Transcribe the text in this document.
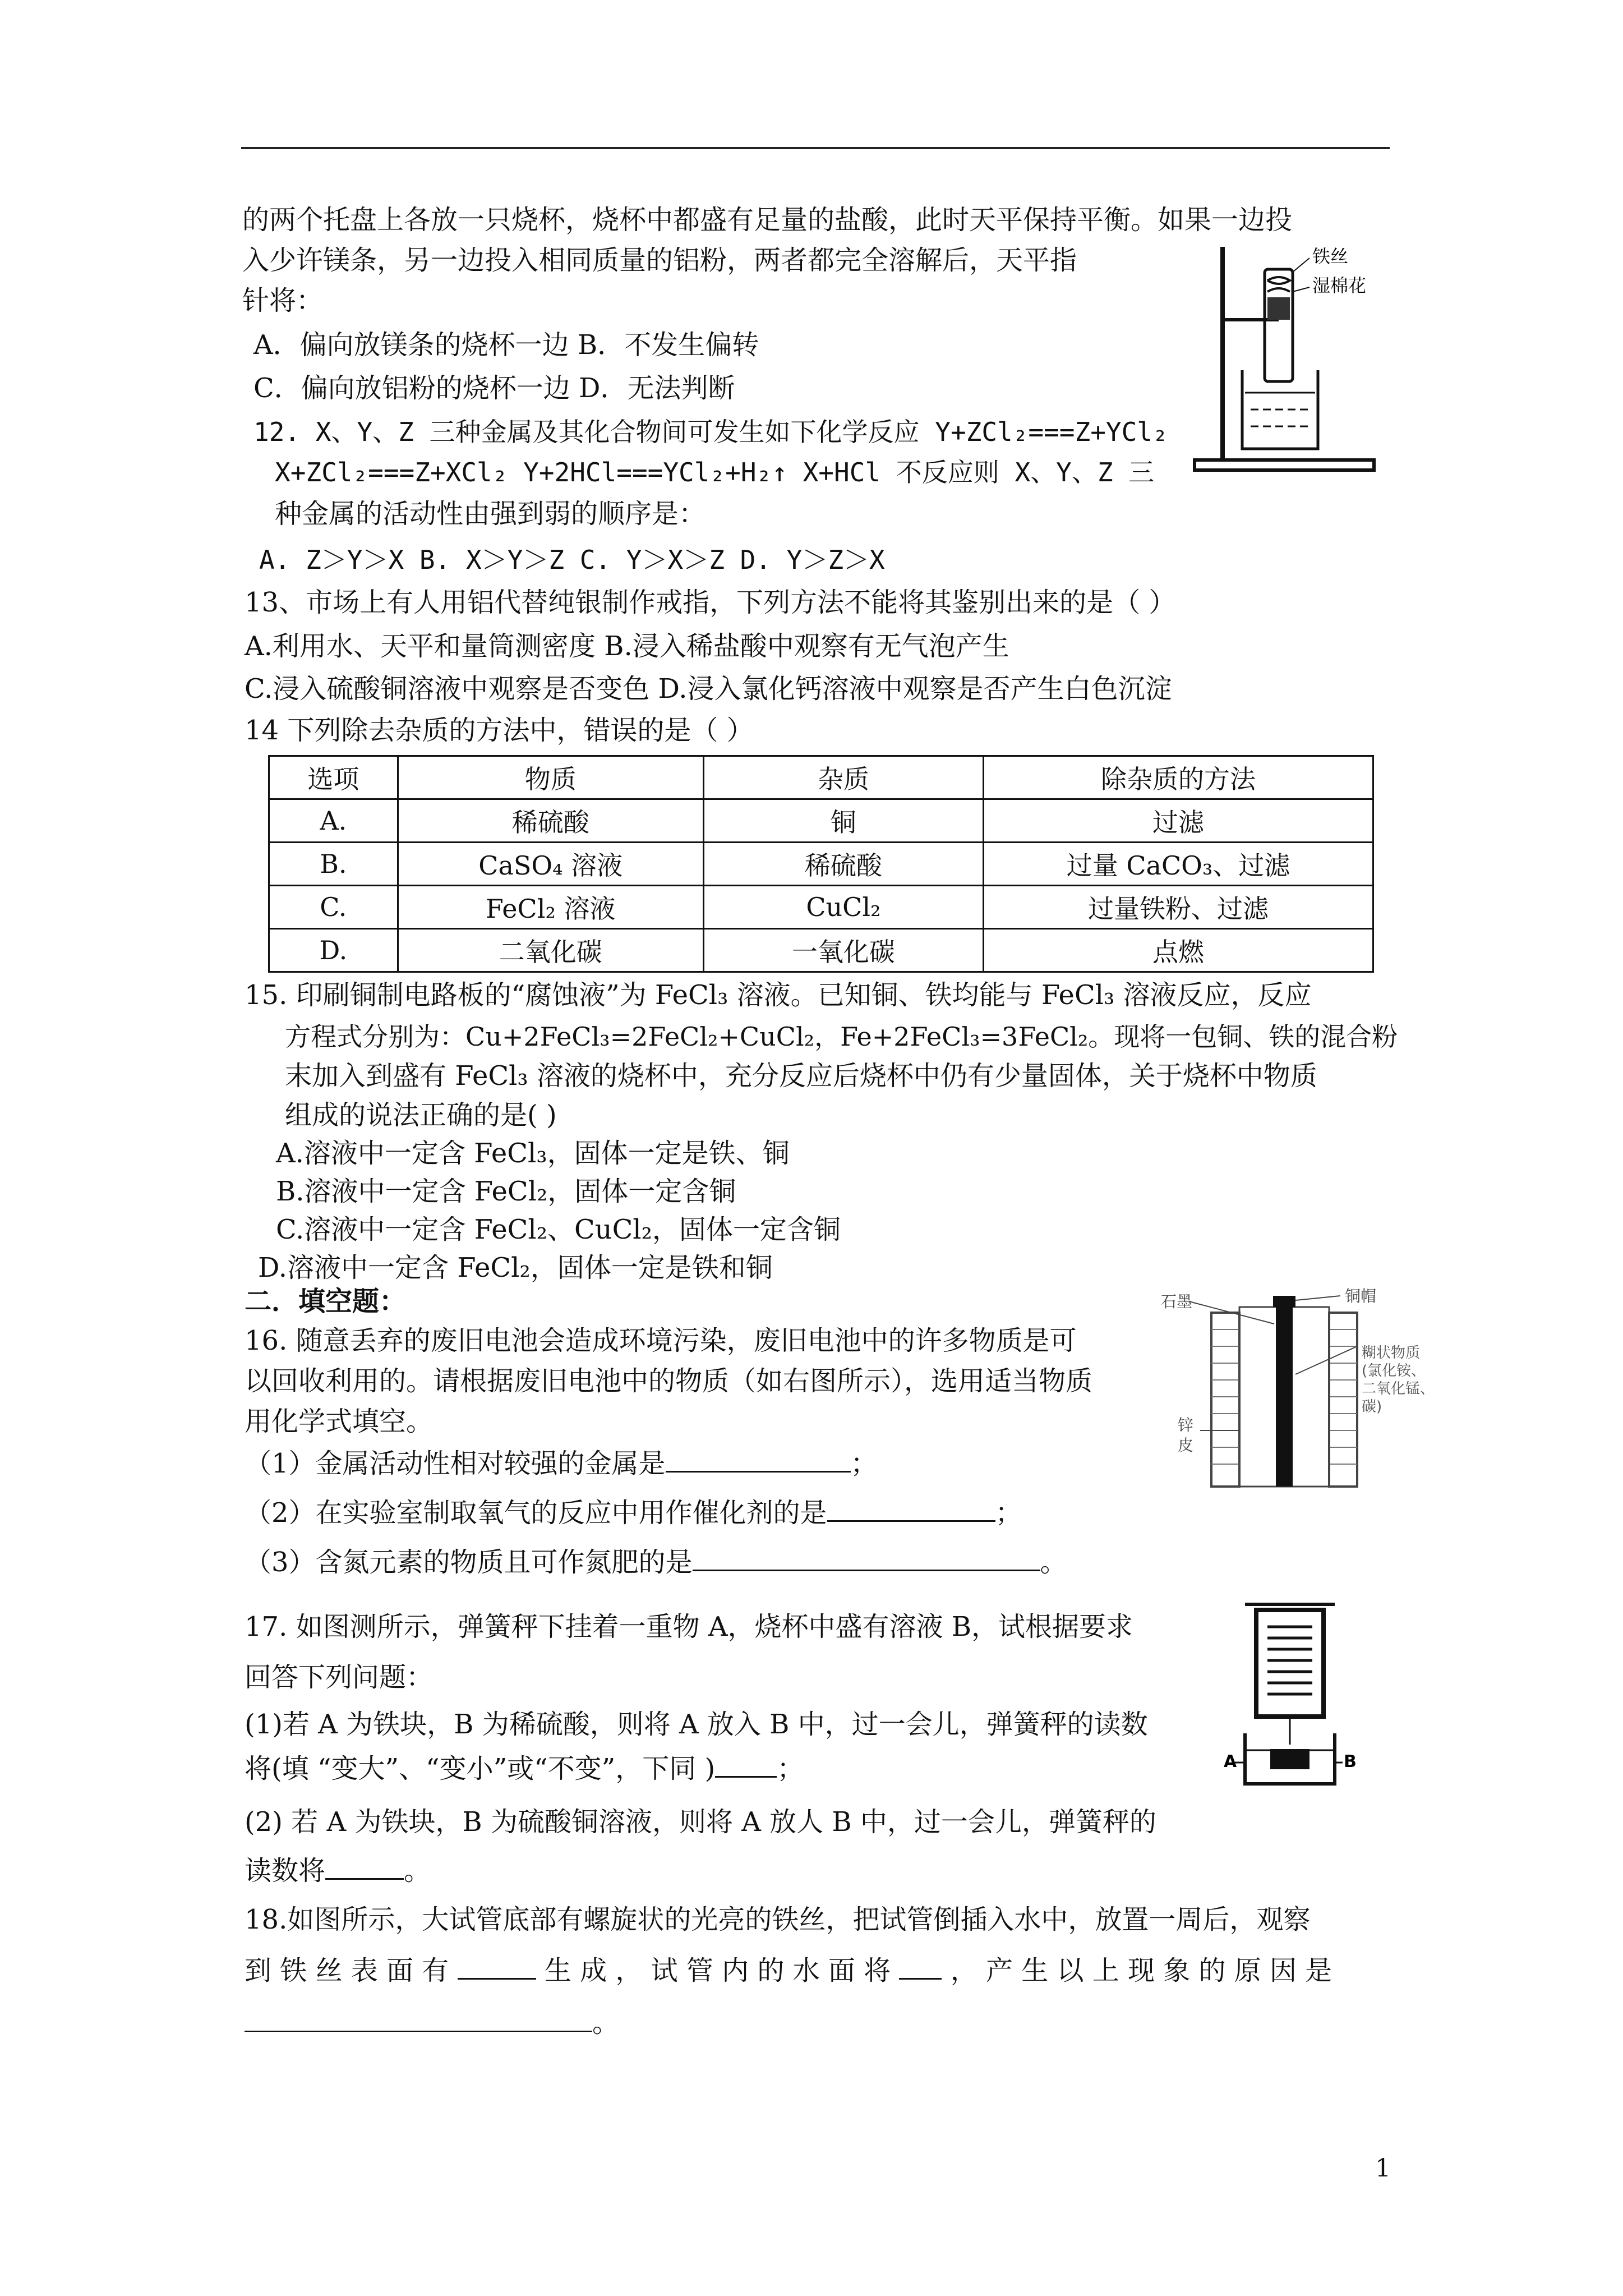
的两个托盘上各放一只烧杯，烧杯中都盛有足量的盐酸，此时天平保持平衡。如果一边投
入少许镁条，另一边投入相同质量的铝粉，两者都完全溶解后，天平指
针将：
A．偏向放镁条的烧杯一边 B．不发生偏转
C．偏向放铝粉的烧杯一边 D．无法判断
12. X、Y、Z 三种金属及其化合物间可发生如下化学反应 Y+ZCl₂===Z+YCl₂
X+ZCl₂===Z+XCl₂ Y+2HCl===YCl₂+H₂↑ X+HCl 不反应则 X、Y、Z 三
种金属的活动性由强到弱的顺序是：
A. Z＞Y＞X B. X＞Y＞Z C. Y＞X＞Z D. Y＞Z＞X
13、市场上有人用铝代替纯银制作戒指，下列方法不能将其鉴别出来的是（ ）
A.利用水、天平和量筒测密度 B.浸入稀盐酸中观察有无气泡产生
C.浸入硫酸铜溶液中观察是否变色 D.浸入氯化钙溶液中观察是否产生白色沉淀
14 下列除去杂质的方法中，错误的是（ ）
选项	物质	杂质	除杂质的方法
A.	稀硫酸	铜	过滤
B.	CaSO₄ 溶液	稀硫酸	过量 CaCO₃、过滤
C.	FeCl₂ 溶液	CuCl₂	过量铁粉、过滤
D.	二氧化碳	一氧化碳	点燃
15. 印刷铜制电路板的“腐蚀液”为 FeCl₃ 溶液。已知铜、铁均能与 FeCl₃ 溶液反应，反应
方程式分别为：Cu+2FeCl₃=2FeCl₂+CuCl₂，Fe+2FeCl₃=3FeCl₂。现将一包铜、铁的混合粉
末加入到盛有 FeCl₃ 溶液的烧杯中，充分反应后烧杯中仍有少量固体，关于烧杯中物质
组成的说法正确的是( )
A.溶液中一定含 FeCl₃，固体一定是铁、铜
B.溶液中一定含 FeCl₂，固体一定含铜
C.溶液中一定含 FeCl₂、CuCl₂，固体一定含铜
D.溶液中一定含 FeCl₂，固体一定是铁和铜
二．填空题：
16. 随意丢弃的废旧电池会造成环境污染，废旧电池中的许多物质是可
以回收利用的。请根据废旧电池中的物质（如右图所示），选用适当物质
用化学式填空。
（1）金属活动性相对较强的金属是	；
（2）在实验室制取氧气的反应中用作催化剂的是	；
（3）含氮元素的物质且可作氮肥的是	。
17. 如图测所示，弹簧秤下挂着一重物 A，烧杯中盛有溶液 B，试根据要求
回答下列问题：
(1)若 A 为铁块，B 为稀硫酸，则将 A 放入 B 中，过一会儿，弹簧秤的读数
将(填 “变大”、“变小”或“不变”，下同 ) ；
(2) 若 A 为铁块，B 为硫酸铜溶液，则将 A 放人 B 中，过一会儿，弹簧秤的
读数将	。
18.如图所示，大试管底部有螺旋状的光亮的铁丝，把试管倒插入水中，放置一周后，观察
到 铁 丝 表 面 有	生 成 ， 试 管 内 的 水 面 将 ， 产 生 以 上 现 象 的 原 因 是
。
铁丝
湿棉花
石墨	铜帽
糊状物质
(氯化铵、
二氧化锰、
碳)
锌
皮
A	B
1
